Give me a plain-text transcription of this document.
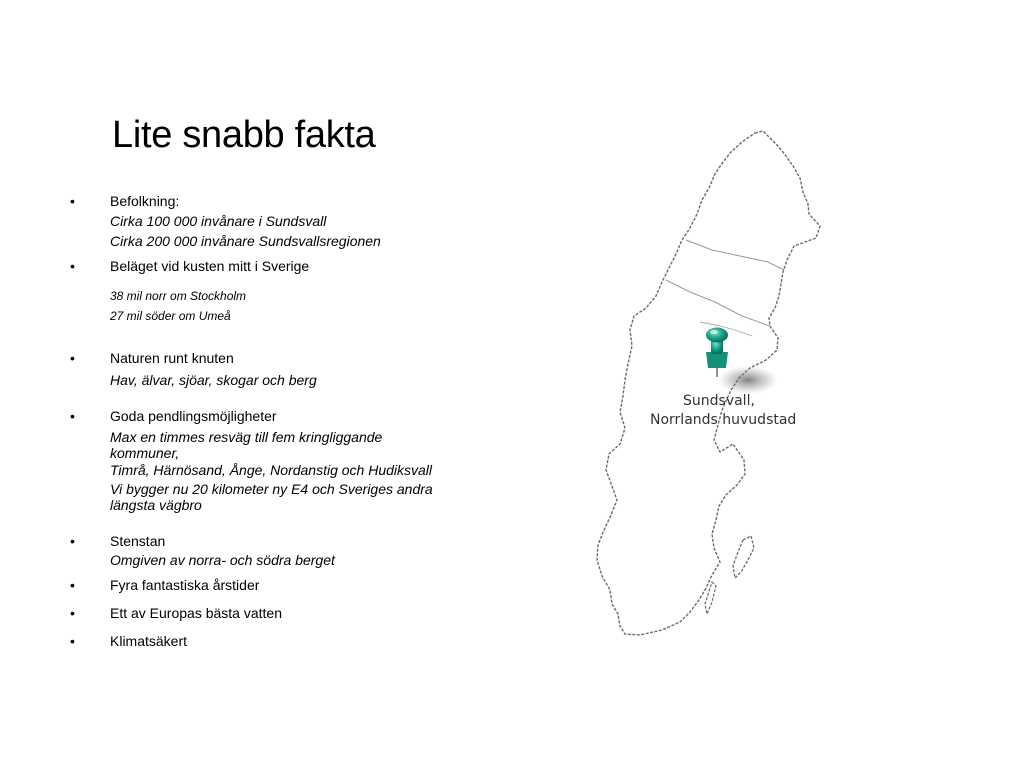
Lite snabb fakta
•	Befolkning:
Cirka 100 000 invånare i Sundsvall
Cirka 200 000 invånare Sundsvallsregionen
•	Beläget vid kusten mitt i Sverige
38 mil norr om Stockholm
27 mil söder om Umeå
•	Naturen runt knuten
Hav, älvar, sjöar, skogar och berg
•	Goda pendlingsmöjligheter
Max en timmes resväg till fem kringliggande kommuner,
Timrå, Härnösand, Ånge, Nordanstig och Hudiksvall
Vi bygger nu 20 kilometer ny E4 och Sveriges andra längsta vägbro
•	Stenstan
Omgiven av norra- och södra berget
•	Fyra fantastiska årstider
•	Ett av Europas bästa vatten
•	Klimatsäkert
Sundsvall,
Norrlands huvudstad
